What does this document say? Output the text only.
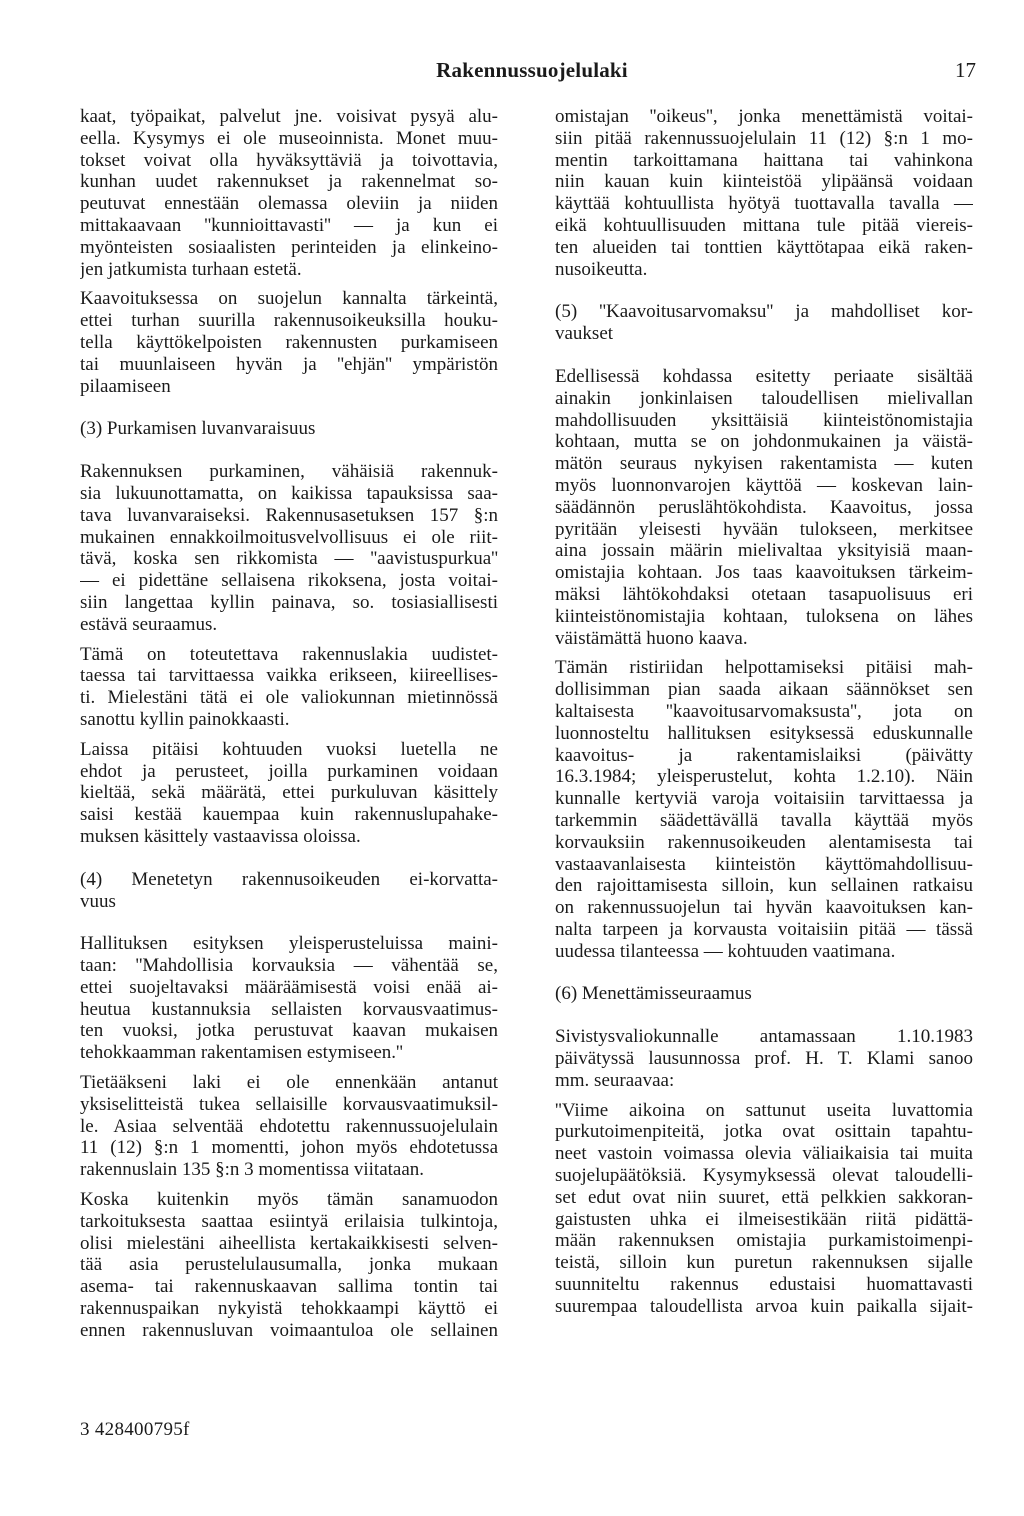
Rakennussuojelulaki	17
kaat, työpaikat, palvelut jne. voisivat pysyä alu-
eella. Kysymys ei ole museoinnista. Monet muu-
tokset voivat olla hyväksyttäviä ja toivottavia,
kunhan uudet rakennukset ja rakennelmat so-
peutuvat ennestään olemassa oleviin ja niiden
mittakaavaan ''kunnioittavasti'' — ja kun ei
myönteisten sosiaalisten perinteiden ja elinkeino-
jen jatkumista turhaan estetä.
Kaavoituksessa on suojelun kannalta tärkeintä,
ettei turhan suurilla rakennusoikeuksilla houku-
tella käyttökelpoisten rakennusten purkamiseen
tai muunlaiseen hyvän ja ''ehjän'' ympäristön
pilaamiseen
(3) Purkamisen luvanvaraisuus
Rakennuksen purkaminen, vähäisiä rakennuk-
sia lukuunottamatta, on kaikissa tapauksissa saa-
tava luvanvaraiseksi. Rakennusasetuksen 157 §:n
mukainen ennakkoilmoitusvelvollisuus ei ole riit-
tävä, koska sen rikkomista — ''aavistuspurkua''
— ei pidettäne sellaisena rikoksena, josta voitai-
siin langettaa kyllin painava, so. tosiasiallisesti
estävä seuraamus.
Tämä on toteutettava rakennuslakia uudistet-
taessa tai tarvittaessa vaikka erikseen, kiireellises-
ti. Mielestäni tätä ei ole valiokunnan mietinnössä
sanottu kyllin painokkaasti.
Laissa pitäisi kohtuuden vuoksi luetella ne
ehdot ja perusteet, joilla purkaminen voidaan
kieltää, sekä määrätä, ettei purkuluvan käsittely
saisi kestää kauempaa kuin rakennuslupahake-
muksen käsittely vastaavissa oloissa.
(4) Menetetyn rakennusoikeuden ei-korvatta-
vuus
Hallituksen esityksen yleisperusteluissa maini-
taan: ''Mahdollisia korvauksia — vähentää se,
ettei suojeltavaksi määräämisestä voisi enää ai-
heutua kustannuksia sellaisten korvausvaatimus-
ten vuoksi, jotka perustuvat kaavan mukaisen
tehokkaamman rakentamisen estymiseen.''
Tietääkseni laki ei ole ennenkään antanut
yksiselitteistä tukea sellaisille korvausvaatimuksil-
le. Asiaa selventää ehdotettu rakennussuojelulain
11 (12) §:n 1 momentti, johon myös ehdotetussa
rakennuslain 135 §:n 3 momentissa viitataan.
Koska kuitenkin myös tämän sanamuodon
tarkoituksesta saattaa esiintyä erilaisia tulkintoja,
olisi mielestäni aiheellista kertakaikkisesti selven-
tää asia perustelulausumalla, jonka mukaan
asema- tai rakennuskaavan sallima tontin tai
rakennuspaikan nykyistä tehokkaampi käyttö ei
ennen rakennusluvan voimaantuloa ole sellainen
omistajan ''oikeus'', jonka menettämistä voitai-
siin pitää rakennussuojelulain 11 (12) §:n 1 mo-
mentin tarkoittamana haittana tai vahinkona
niin kauan kuin kiinteistöä ylipäänsä voidaan
käyttää kohtuullista hyötyä tuottavalla tavalla —
eikä kohtuullisuuden mittana tule pitää viereis-
ten alueiden tai tonttien käyttötapaa eikä raken-
nusoikeutta.
(5) ''Kaavoitusarvomaksu'' ja mahdolliset kor-
vaukset
Edellisessä kohdassa esitetty periaate sisältää
ainakin jonkinlaisen taloudellisen mielivallan
mahdollisuuden yksittäisiä kiinteistönomistajia
kohtaan, mutta se on johdonmukainen ja väistä-
mätön seuraus nykyisen rakentamista — kuten
myös luonnonvarojen käyttöä — koskevan lain-
säädännön peruslähtökohdista. Kaavoitus, jossa
pyritään yleisesti hyvään tulokseen, merkitsee
aina jossain määrin mielivaltaa yksityisiä maan-
omistajia kohtaan. Jos taas kaavoituksen tärkeim-
mäksi lähtökohdaksi otetaan tasapuolisuus eri
kiinteistönomistajia kohtaan, tuloksena on lähes
väistämättä huono kaava.
Tämän ristiriidan helpottamiseksi pitäisi mah-
dollisimman pian saada aikaan säännökset sen
kaltaisesta ''kaavoitusarvomaksusta'', jota on
luonnosteltu hallituksen esityksessä eduskunnalle
kaavoitus- ja rakentamislaiksi (päivätty
16.3.1984; yleisperustelut, kohta 1.2.10). Näin
kunnalle kertyviä varoja voitaisiin tarvittaessa ja
tarkemmin säädettävällä tavalla käyttää myös
korvauksiin rakennusoikeuden alentamisesta tai
vastaavanlaisesta kiinteistön käyttömahdollisuu-
den rajoittamisesta silloin, kun sellainen ratkaisu
on rakennussuojelun tai hyvän kaavoituksen kan-
nalta tarpeen ja korvausta voitaisiin pitää — tässä
uudessa tilanteessa — kohtuuden vaatimana.
(6) Menettämisseuraamus
Sivistysvaliokunnalle antamassaan 1.10.1983
päivätyssä lausunnossa prof. H. T. Klami sanoo
mm. seuraavaa:
''Viime aikoina on sattunut useita luvattomia
purkutoimenpiteitä, jotka ovat osittain tapahtu-
neet vastoin voimassa olevia väliaikaisia tai muita
suojelupäätöksiä. Kysymyksessä olevat taloudelli-
set edut ovat niin suuret, että pelkkien sakkoran-
gaistusten uhka ei ilmeisestikään riitä pidättä-
mään rakennuksen omistajia purkamistoimenpi-
teistä, silloin kun puretun rakennuksen sijalle
suunniteltu rakennus edustaisi huomattavasti
suurempaa taloudellista arvoa kuin paikalla sijait-
3 428400795f
